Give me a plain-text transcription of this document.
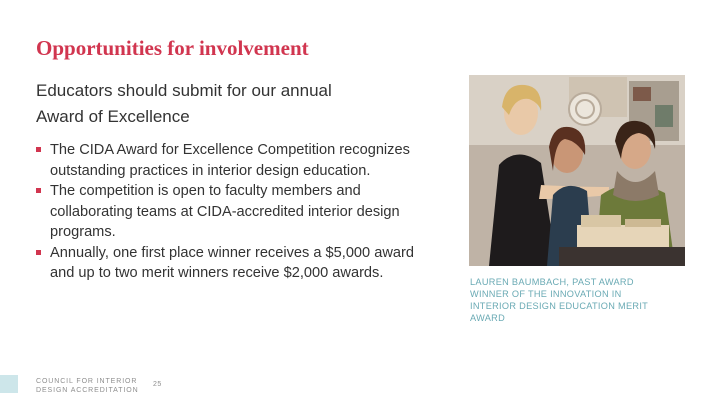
Opportunities for involvement

Educators should submit for our annual Award of Excellence

The CIDA Award for Excellence Competition recognizes outstanding practices in interior design education.
The competition is open to faculty members and collaborating teams at CIDA-accredited interior design programs.
Annually, one first place winner receives a $5,000 award and up to two merit winners receive $2,000 awards.

LAUREN BAUMBACH, PAST AWARD WINNER OF THE INNOVATION IN INTERIOR DESIGN EDUCATION MERIT AWARD

COUNCIL FOR INTERIOR DESIGN ACCREDITATION

25
